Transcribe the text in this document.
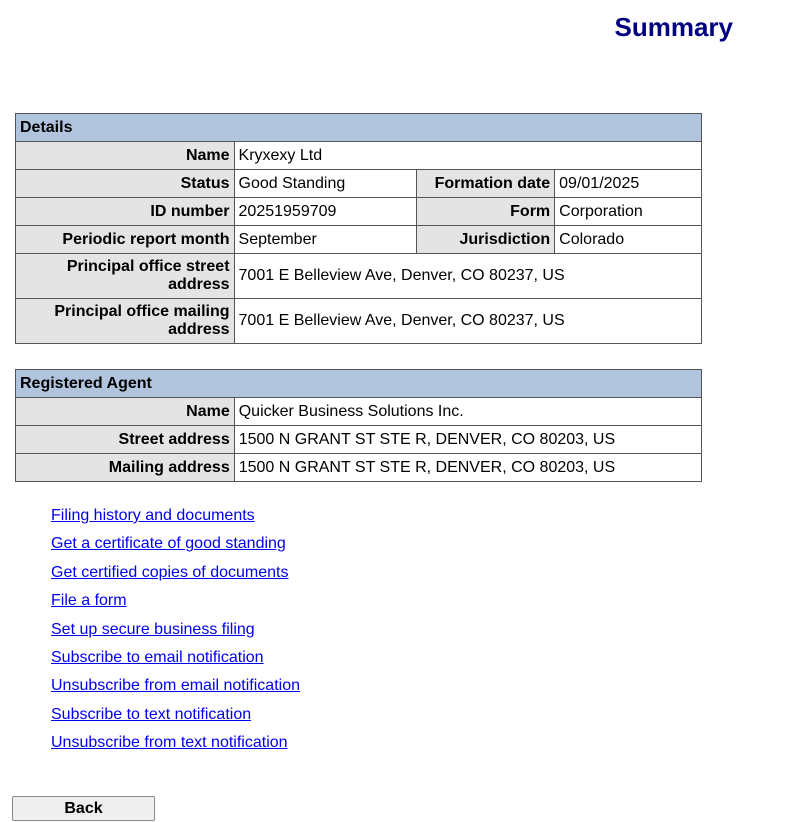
Summary
Details			
Name	Kryxexy Ltd		
Status	Good Standing	Formation date	09/01/2025
ID number	20251959709	Form	Corporation
Periodic report month	September	Jurisdiction	Colorado
Principal office street address	7001 E Belleview Ave, Denver, CO 80237, US		
Principal office mailing address	7001 E Belleview Ave, Denver, CO 80237, US		
Registered Agent	
Name	Quicker Business Solutions Inc.
Street address	1500 N GRANT ST STE R, DENVER, CO 80203, US
Mailing address	1500 N GRANT ST STE R, DENVER, CO 80203, US
Filing history and documents
Get a certificate of good standing
Get certified copies of documents
File a form
Set up secure business filing
Subscribe to email notification
Unsubscribe from email notification
Subscribe to text notification
Unsubscribe from text notification
Back
